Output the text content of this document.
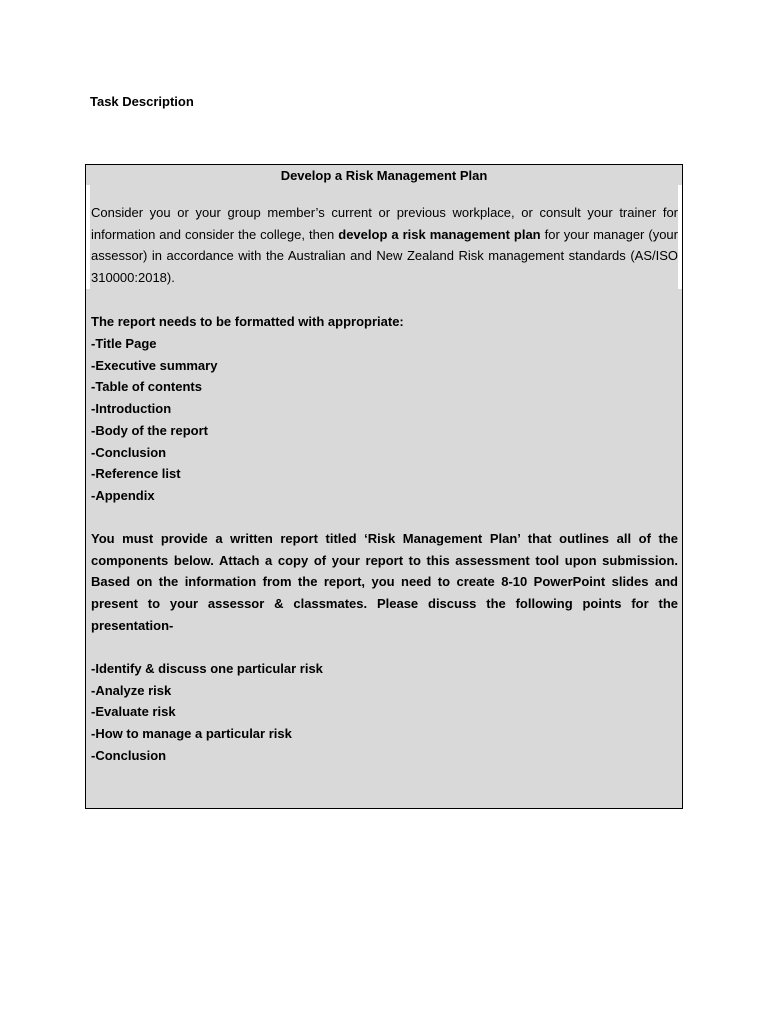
Task Description
Develop a Risk Management Plan
Consider you or your group member’s current or previous workplace, or consult your trainer for information and consider the college, then develop a risk management plan for your manager (your assessor) in accordance with the Australian and New Zealand Risk management standards (AS/ISO 310000:2018).
The report needs to be formatted with appropriate:
-Title Page
-Executive summary
-Table of contents
-Introduction
-Body of the report
-Conclusion
-Reference list
-Appendix
You must provide a written report titled ‘Risk Management Plan’ that outlines all of the components below. Attach a copy of your report to this assessment tool upon submission. Based on the information from the report, you need to create 8-10 PowerPoint slides and present to your assessor & classmates. Please discuss the following points for the presentation-
-Identify & discuss one particular risk
-Analyze risk
-Evaluate risk
-How to manage a particular risk
-Conclusion
